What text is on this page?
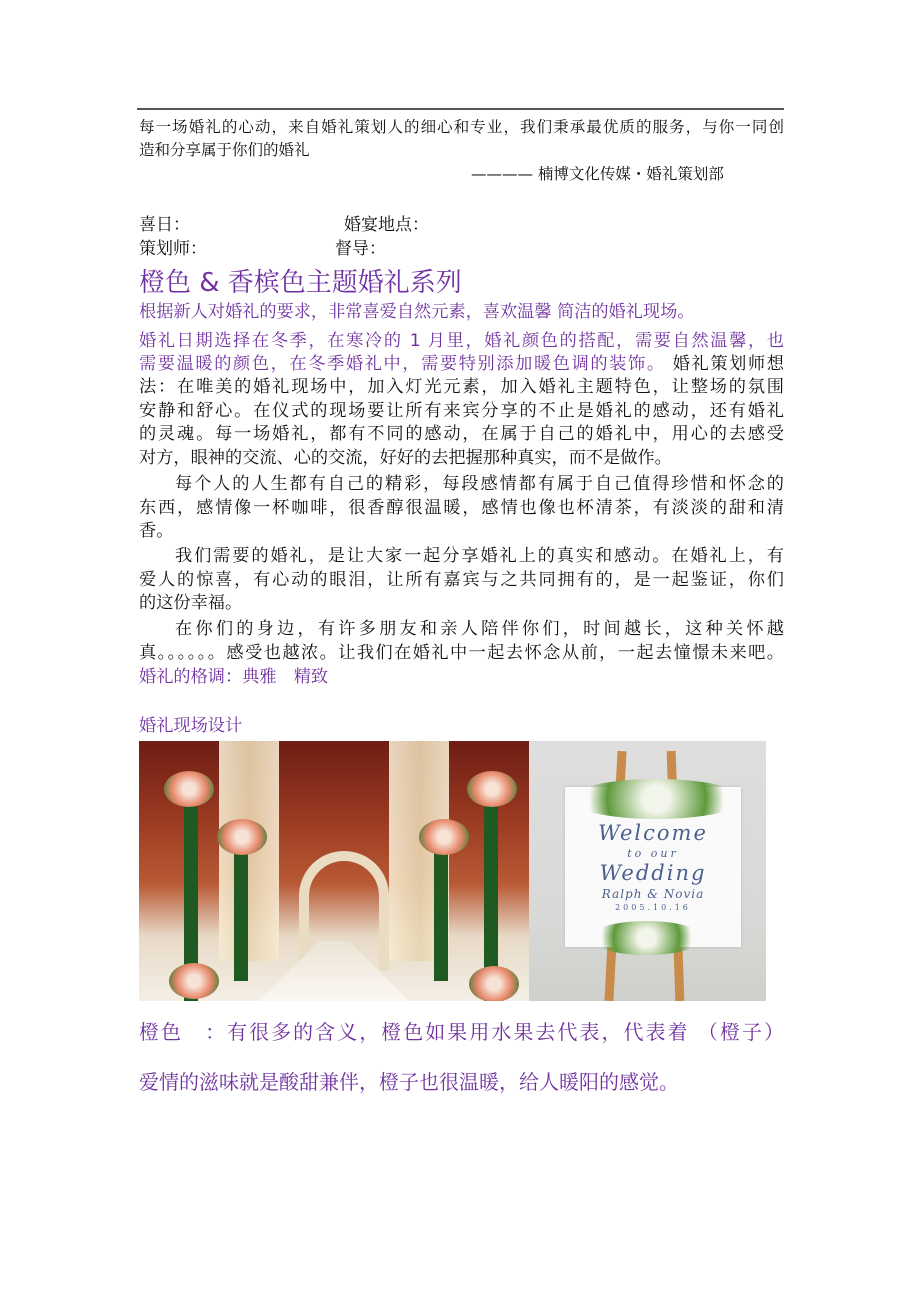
每一场婚礼的心动，来自婚礼策划人的细心和专业，我们秉承最优质的服务，与你一同创
造和分享属于你们的婚礼
———— 楠博文化传媒・婚礼策划部
喜日：	婚宴地点：
策划师：	督导：
橙色 & 香槟色主题婚礼系列
根据新人对婚礼的要求，非常喜爱自然元素，喜欢温馨 简洁的婚礼现场。
婚礼日期选择在冬季，在寒冷的 1 月里，婚礼颜色的搭配，需要自然温馨，也
需要温暖的颜色，在冬季婚礼中，需要特别添加暖色调的装饰。 婚礼策划师想
法：在唯美的婚礼现场中，加入灯光元素，加入婚礼主题特色，让整场的氛围
安静和舒心。在仪式的现场要让所有来宾分享的不止是婚礼的感动，还有婚礼
的灵魂。每一场婚礼，都有不同的感动，在属于自己的婚礼中，用心的去感受
对方，眼神的交流、心的交流，好好的去把握那种真实，而不是做作。
每个人的人生都有自己的精彩，每段感情都有属于自己值得珍惜和怀念的
东西，感情像一杯咖啡，很香醇很温暖，感情也像也杯清茶，有淡淡的甜和清
香。
我们需要的婚礼，是让大家一起分享婚礼上的真实和感动。在婚礼上，有
爱人的惊喜，有心动的眼泪，让所有嘉宾与之共同拥有的，是一起鉴证，你们
的这份幸福。
在你们的身边，有许多朋友和亲人陪伴你们，时间越长，这种关怀越
真。。。。。。感受也越浓。让我们在婚礼中一起去怀念从前，一起去憧憬未来吧。
婚礼的格调：典雅　精致
婚礼现场设计
Welcome
to our
Wedding
Ralph & Novia
2005.10.16
橙色　：有很多的含义，橙色如果用水果去代表，代表着 （橙子）
爱情的滋味就是酸甜兼伴，橙子也很温暖，给人暖阳的感觉。
